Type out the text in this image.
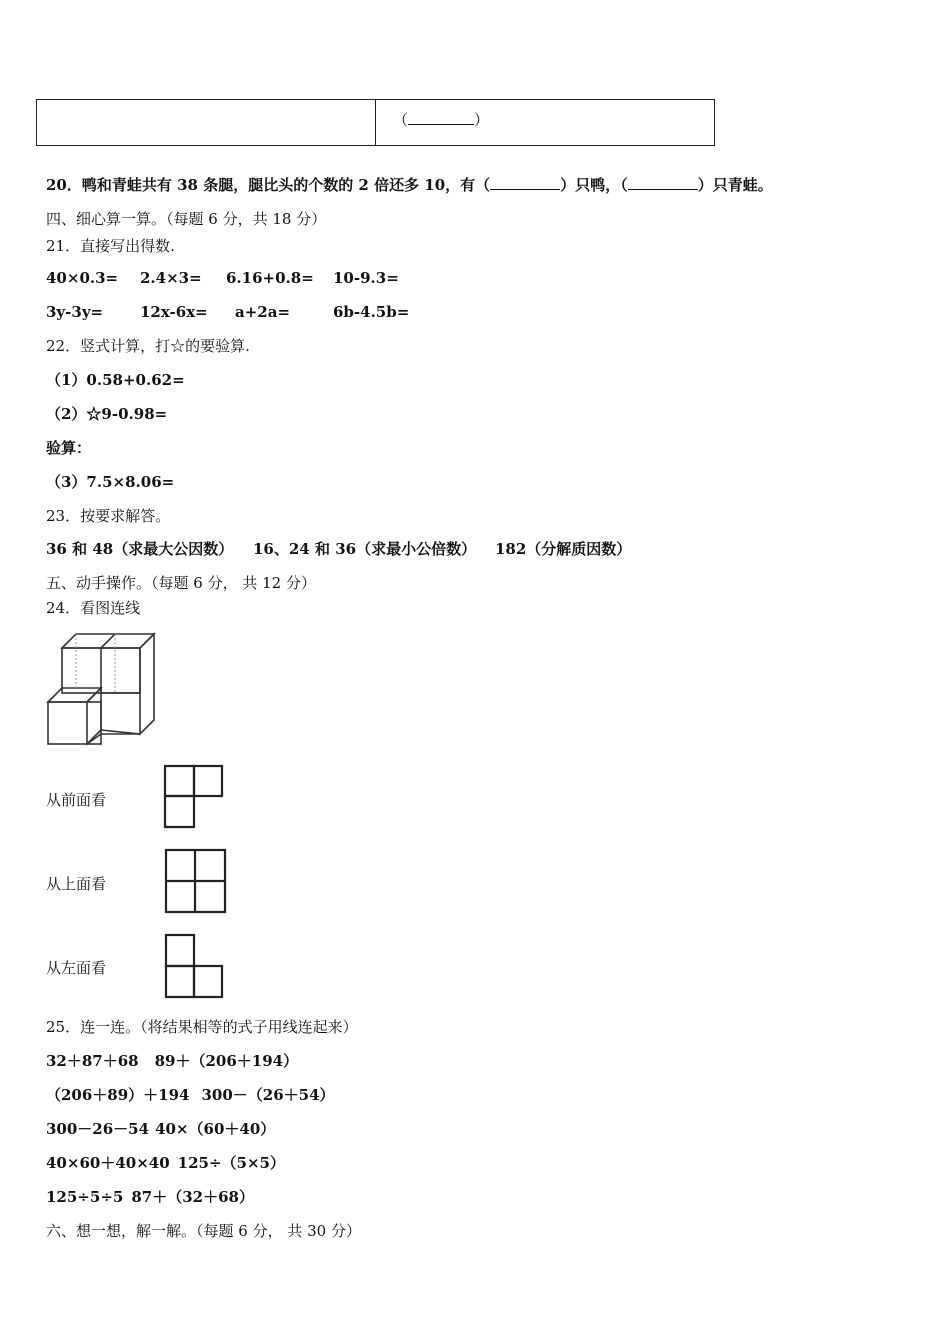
（	）
20．鸭和青蛙共有 38 条腿，腿比头的个数的 2 倍还多 10，有（	）只鸭，（	）只青蛙。
四、细心算一算。（每题 6 分，共 18 分）
21．直接写出得数.
40×0.3= 2.4×3= 6.16+0.8= 10-9.3=
3y-3y= 12x-6x= a+2a=	6b-4.5b=
22．竖式计算，打☆的要验算.
（1）0.58+0.62=
（2）☆9-0.98=
验算：
（3）7.5×8.06=
23．按要求解答。
36 和 48（求最大公因数） 16、24 和 36（求最小公倍数） 182（分解质因数）
五、动手操作。（每题 6 分， 共 12 分）
24．看图连线
从前面看
从上面看
从左面看
25．连一连。（将结果相等的式子用线连起来）
32＋87＋68 89＋（206＋194）
（206＋89）＋194 300－（26＋54）
300－26－54 40×（60＋40）
40×60＋40×40 125÷（5×5）
125÷5÷5 87＋（32＋68）
六、想一想，解一解。（每题 6 分， 共 30 分）
